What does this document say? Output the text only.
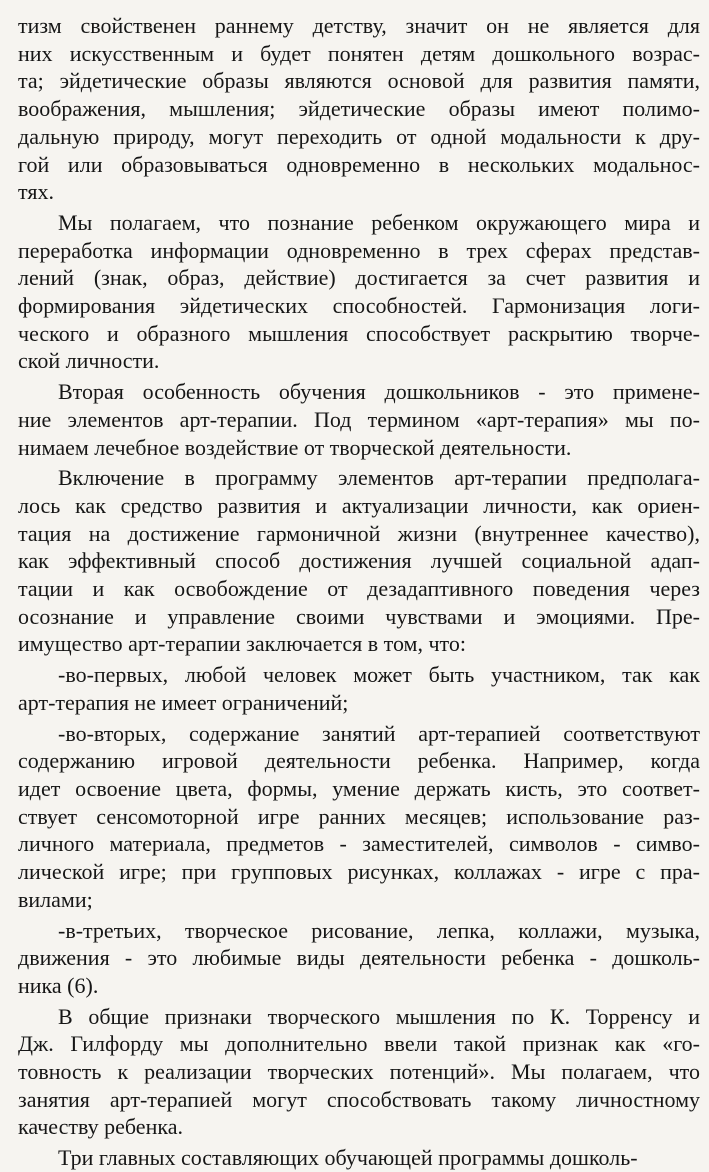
тизм свойственен раннему детству, значит он не является для
них искусственным и будет понятен детям дошкольного возрас-
та; эйдетические образы являются основой для развития памяти,
воображения, мышления; эйдетические образы имеют полимо-
дальную природу, могут переходить от одной модальности к дру-
гой или образовываться одновременно в нескольких модальнос-
тях.
Мы полагаем, что познание ребенком окружающего мира и
переработка информации одновременно в трех сферах представ-
лений (знак, образ, действие) достигается за счет развития и
формирования эйдетических способностей. Гармонизация логи-
ческого и образного мышления способствует раскрытию творче-
ской личности.
Вторая особенность обучения дошкольников - это примене-
ние элементов арт-терапии. Под термином «арт-терапия» мы по-
нимаем лечебное воздействие от творческой деятельности.
Включение в программу элементов арт-терапии предполага-
лось как средство развития и актуализации личности, как ориен-
тация на достижение гармоничной жизни (внутреннее качество),
как эффективный способ достижения лучшей социальной адап-
тации и как освобождение от дезадаптивного поведения через
осознание и управление своими чувствами и эмоциями. Пре-
имущество арт-терапии заключается в том, что:
-во-первых, любой человек может быть участником, так как
арт-терапия не имеет ограничений;
-во-вторых, содержание занятий арт-терапией соответствуют
содержанию игровой деятельности ребенка. Например, когда
идет освоение цвета, формы, умение держать кисть, это соответ-
ствует сенсомоторной игре ранних месяцев; использование раз-
личного материала, предметов - заместителей, символов - симво-
лической игре; при групповых рисунках, коллажах - игре с пра-
вилами;
-в-третьих, творческое рисование, лепка, коллажи, музыка,
движения - это любимые виды деятельности ребенка - дошколь-
ника (6).
В общие признаки творческого мышления по К. Торренсу и
Дж. Гилфорду мы дополнительно ввели такой признак как «го-
товность к реализации творческих потенций». Мы полагаем, что
занятия арт-терапией могут способствовать такому личностному
качеству ребенка.
Три главных составляющих обучающей программы дошколь-
